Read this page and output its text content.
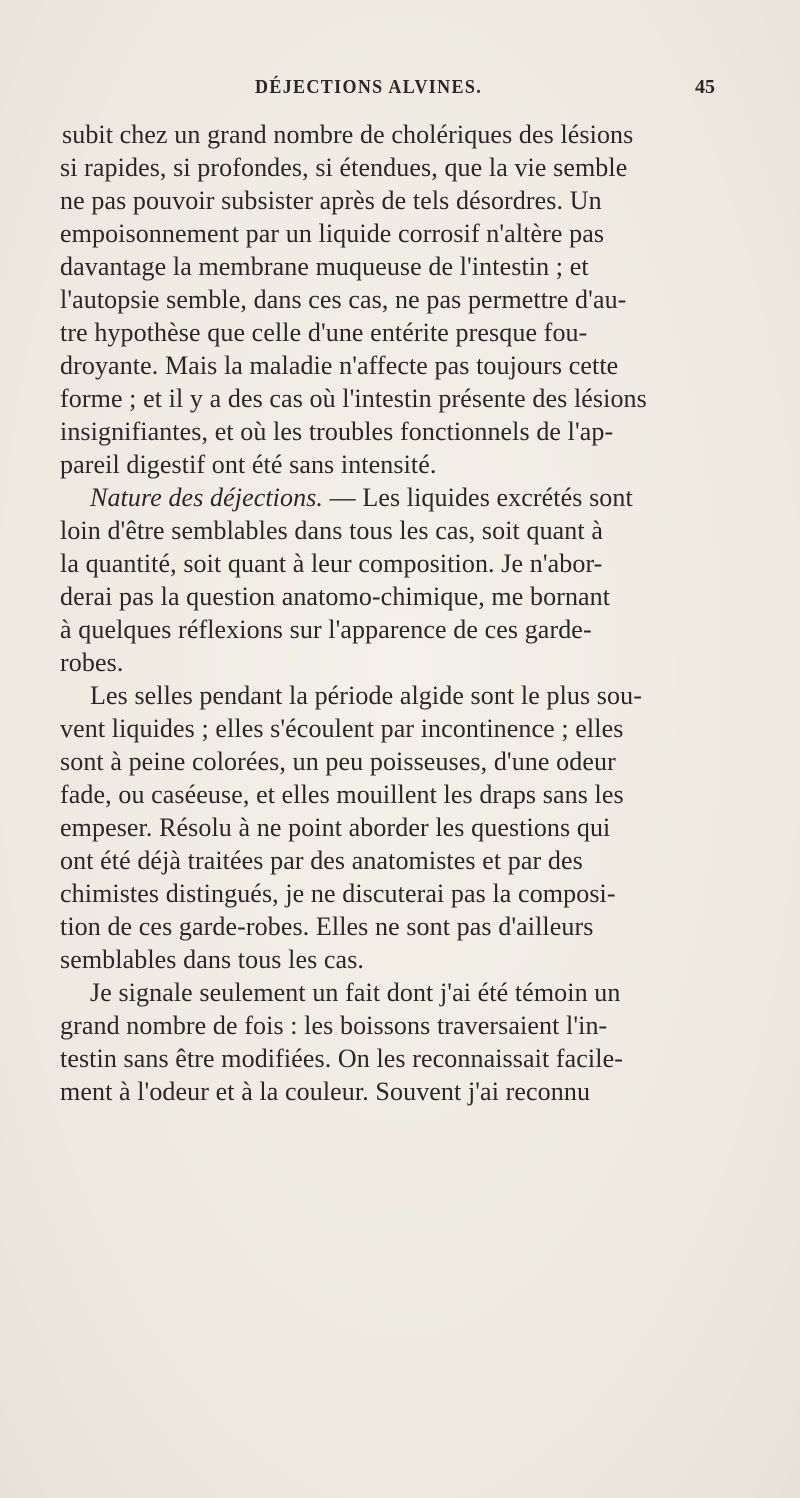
DÉJECTIONS ALVINES.	45
subit chez un grand nombre de cholériques des lésions
si rapides, si profondes, si étendues, que la vie semble
ne pas pouvoir subsister après de tels désordres. Un
empoisonnement par un liquide corrosif n'altère pas
davantage la membrane muqueuse de l'intestin ; et
l'autopsie semble, dans ces cas, ne pas permettre d'au-
tre hypothèse que celle d'une entérite presque fou-
droyante. Mais la maladie n'affecte pas toujours cette
forme ; et il y a des cas où l'intestin présente des lésions
insignifiantes, et où les troubles fonctionnels de l'ap-
pareil digestif ont été sans intensité.
Nature des déjections. — Les liquides excrétés sont
loin d'être semblables dans tous les cas, soit quant à
la quantité, soit quant à leur composition. Je n'abor-
derai pas la question anatomo-chimique, me bornant
à quelques réflexions sur l'apparence de ces garde-
robes.
Les selles pendant la période algide sont le plus sou-
vent liquides ; elles s'écoulent par incontinence ; elles
sont à peine colorées, un peu poisseuses, d'une odeur
fade, ou caséeuse, et elles mouillent les draps sans les
empeser. Résolu à ne point aborder les questions qui
ont été déjà traitées par des anatomistes et par des
chimistes distingués, je ne discuterai pas la composi-
tion de ces garde-robes. Elles ne sont pas d'ailleurs
semblables dans tous les cas.
Je signale seulement un fait dont j'ai été témoin un
grand nombre de fois : les boissons traversaient l'in-
testin sans être modifiées. On les reconnaissait facile-
ment à l'odeur et à la couleur. Souvent j'ai reconnu
